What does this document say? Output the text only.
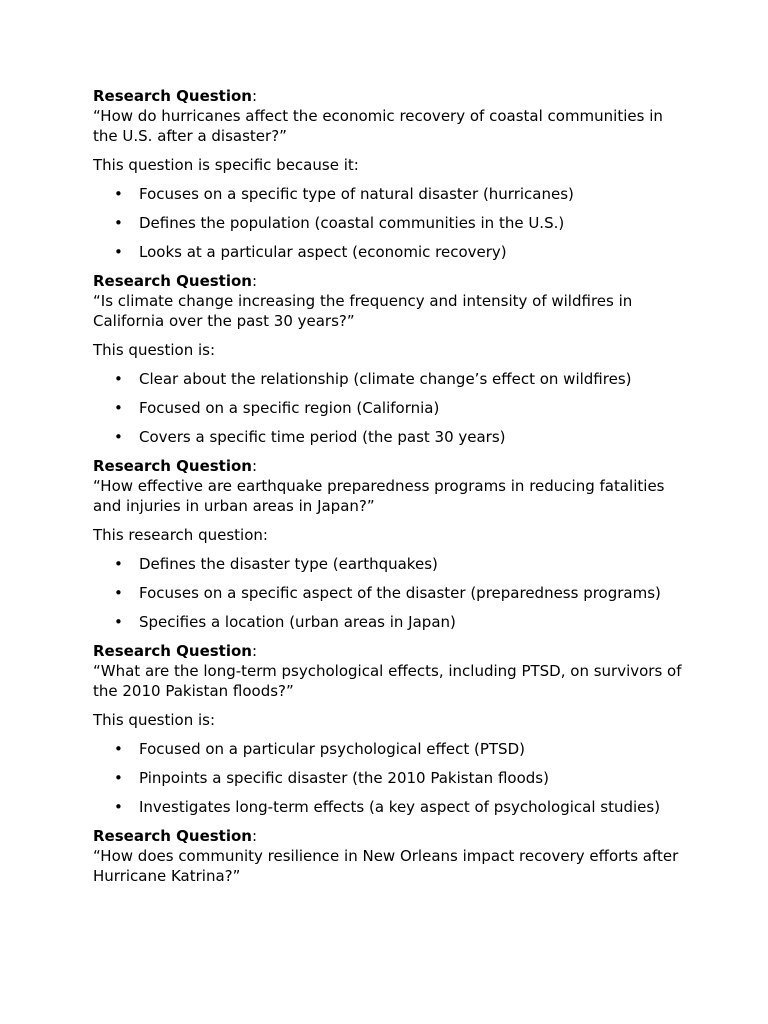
Research Question:

“How do hurricanes affect the economic recovery of coastal communities in the U.S. after a disaster?”

This question is specific because it:

• Focuses on a specific type of natural disaster (hurricanes)
• Defines the population (coastal communities in the U.S.)
• Looks at a particular aspect (economic recovery)

Research Question:

“Is climate change increasing the frequency and intensity of wildfires in California over the past 30 years?”

This question is:

• Clear about the relationship (climate change’s effect on wildfires)
• Focused on a specific region (California)
• Covers a specific time period (the past 30 years)

Research Question:

“How effective are earthquake preparedness programs in reducing fatalities and injuries in urban areas in Japan?”

This research question:

• Defines the disaster type (earthquakes)
• Focuses on a specific aspect of the disaster (preparedness programs)
• Specifies a location (urban areas in Japan)

Research Question:

“What are the long-term psychological effects, including PTSD, on survivors of the 2010 Pakistan floods?”

This question is:

• Focused on a particular psychological effect (PTSD)
• Pinpoints a specific disaster (the 2010 Pakistan floods)
• Investigates long-term effects (a key aspect of psychological studies)

Research Question:

“How does community resilience in New Orleans impact recovery efforts after Hurricane Katrina?”
